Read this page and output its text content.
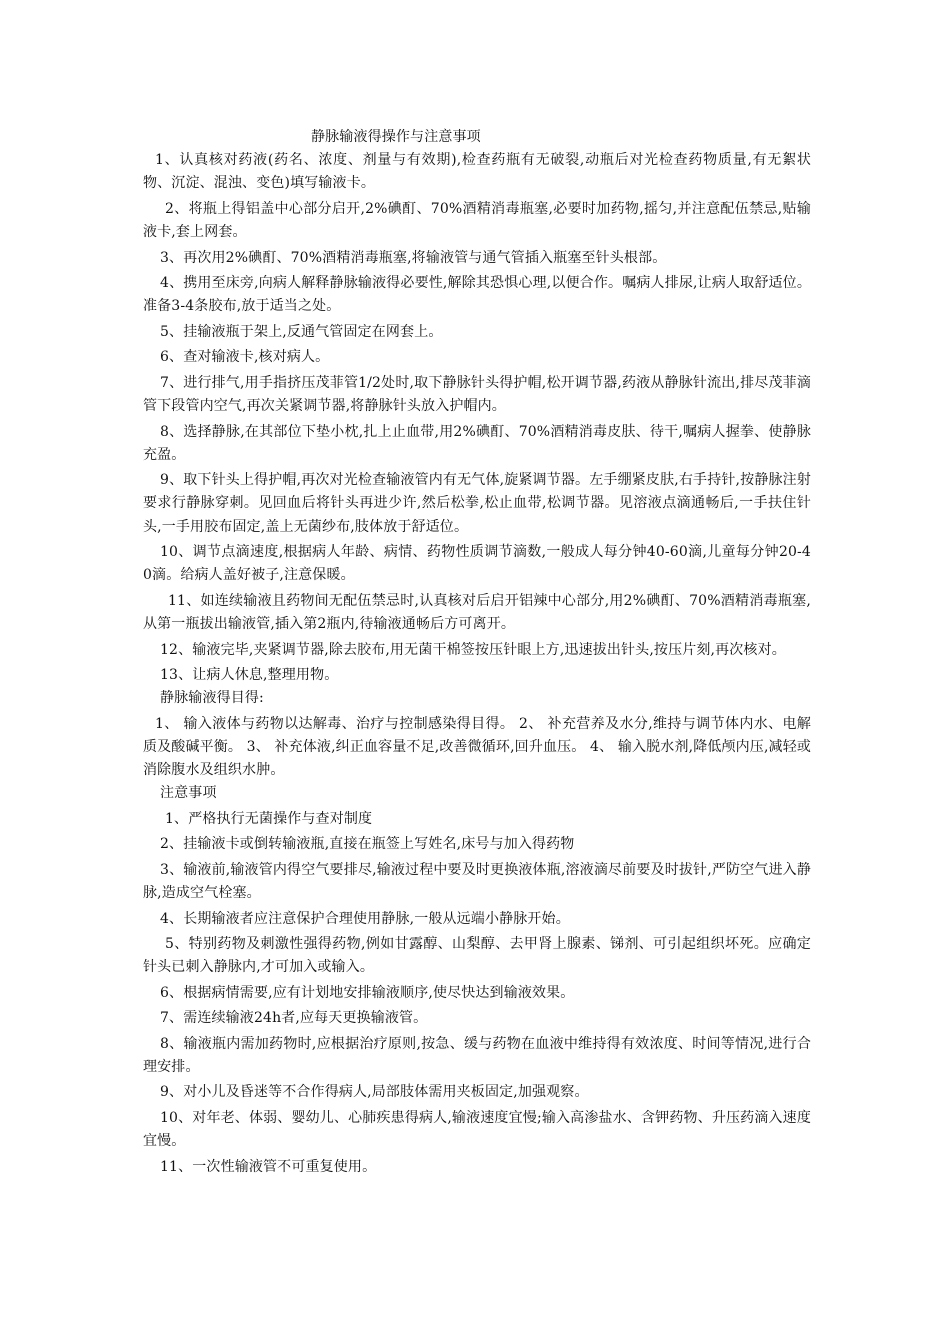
静脉输液得操作与注意事项

1、认真核对药液(药名、浓度、剂量与有效期),检查药瓶有无破裂,动瓶后对光检查药物质量,有无絮状物、沉淀、混浊、变色)填写输液卡。

2、将瓶上得铝盖中心部分启开,2%碘酊、70%酒精消毒瓶塞,必要时加药物,摇匀,并注意配伍禁忌,贴输液卡,套上网套。

3、再次用2%碘酊、70%酒精消毒瓶塞,将输液管与通气管插入瓶塞至针头根部。

4、携用至床旁,向病人解释静脉输液得必要性,解除其恐惧心理,以便合作。嘱病人排尿,让病人取舒适位。准备3-4条胶布,放于适当之处。

5、挂输液瓶于架上,反通气管固定在网套上。

6、查对输液卡,核对病人。

7、进行排气,用手指挤压茂菲管1/2处时,取下静脉针头得护帽,松开调节器,药液从静脉针流出,排尽茂菲滴管下段管内空气,再次关紧调节器,将静脉针头放入护帽内。

8、选择静脉,在其部位下垫小枕,扎上止血带,用2%碘酊、70%酒精消毒皮肤、待干,嘱病人握拳、使静脉充盈。

9、取下针头上得护帽,再次对光检查输液管内有无气体,旋紧调节器。左手绷紧皮肤,右手持针,按静脉注射要求行静脉穿刺。见回血后将针头再进少许,然后松拳,松止血带,松调节器。见溶液点滴通畅后,一手扶住针头,一手用胶布固定,盖上无菌纱布,肢体放于舒适位。

10、调节点滴速度,根据病人年龄、病情、药物性质调节滴数,一般成人每分钟40-60滴,儿童每分钟20-40滴。给病人盖好被子,注意保暖。

11、如连续输液且药物间无配伍禁忌时,认真核对后启开铝辣中心部分,用2%碘酊、70%酒精消毒瓶塞,从第一瓶拔出输液管,插入第2瓶内,待输液通畅后方可离开。

12、输液完毕,夹紧调节器,除去胶布,用无菌干棉签按压针眼上方,迅速拔出针头,按压片刻,再次核对。

13、让病人休息,整理用物。

静脉输液得目得:

1、 输入液体与药物以达解毒、治疗与控制感染得目得。 2、 补充营养及水分,维持与调节体内水、电解质及酸碱平衡。 3、 补充体液,纠正血容量不足,改善微循环,回升血压。 4、 输入脱水剂,降低颅内压,减轻或消除腹水及组织水肿。

注意事项

1、严格执行无菌操作与查对制度

2、挂输液卡或倒转输液瓶,直接在瓶签上写姓名,床号与加入得药物

3、输液前,输液管内得空气要排尽,输液过程中要及时更换液体瓶,溶液滴尽前要及时拔针,严防空气进入静脉,造成空气栓塞。

4、长期输液者应注意保护合理使用静脉,一般从远端小静脉开始。

5、特别药物及刺激性强得药物,例如甘露醇、山梨醇、去甲肾上腺素、锑剂、可引起组织坏死。应确定针头已刺入静脉内,才可加入或输入。

6、根据病情需要,应有计划地安排输液顺序,使尽快达到输液效果。

7、需连续输液24h者,应每天更换输液管。

8、输液瓶内需加药物时,应根据治疗原则,按急、缓与药物在血液中维持得有效浓度、时间等情况,进行合理安排。

9、对小儿及昏迷等不合作得病人,局部肢体需用夹板固定,加强观察。

10、对年老、体弱、婴幼儿、心肺疾患得病人,输液速度宜慢;输入高渗盐水、含钾药物、升压药滴入速度宜慢。

11、一次性输液管不可重复使用。
